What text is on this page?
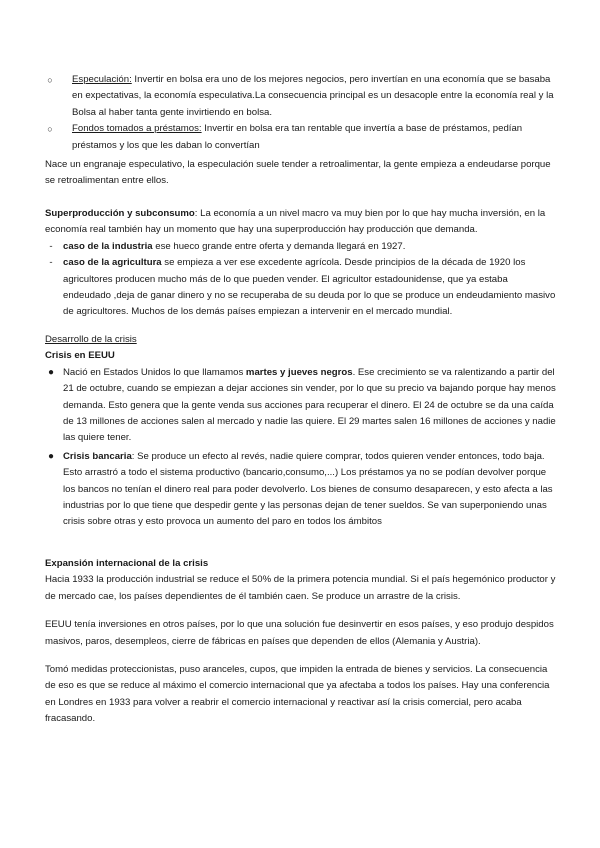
○	Especulación: Invertir en bolsa era uno de los mejores negocios, pero invertían en una economía que se basaba en expectativas, la economía especulativa.La consecuencia principal es un desacople entre la economía real y la Bolsa al haber tanta gente invirtiendo en bolsa.
○	Fondos tomados a préstamos: Invertir en bolsa era tan rentable que invertía a base de préstamos, pedían préstamos y los que les daban lo convertían

Nace un engranaje especulativo, la especulación suele tender a retroalimentar, la gente empieza a endeudarse porque se retroalimentan entre ellos.

Superproducción y subconsumo: La economía a un nivel macro va muy bien por lo que hay mucha inversión, en la economía real también hay un momento que hay una superproducción hay producción que demanda.
-	caso de la industria ese hueco grande entre oferta y demanda llegará en 1927.
-	caso de la agricultura se empieza a ver ese excedente agrícola. Desde principios de la década de 1920 los agricultores producen mucho más de lo que pueden vender. El agricultor estadounidense, que ya estaba endeudado ,deja de ganar dinero y no se recuperaba de su deuda por lo que se produce un endeudamiento masivo de agricultores. Muchos de los demás países empiezan a intervenir en el mercado mundial.
Desarrollo de la crisis
Crisis en EEUU
● Nació en Estados Unidos lo que llamamos martes y jueves negros. Ese crecimiento se va ralentizando a partir del 21 de octubre, cuando se empiezan a dejar acciones sin vender, por lo que su precio va bajando porque hay menos demanda. Esto genera que la gente venda sus acciones para recuperar el dinero. El 24 de octubre se da una caída de 13 millones de acciones salen al mercado y nadie las quiere. El 29 martes salen 16 millones de acciones y nadie las quiere tener.
● Crisis bancaria: Se produce un efecto al revés, nadie quiere comprar, todos quieren vender entonces, todo baja. Esto arrastró a todo el sistema productivo (bancario,consumo,...) Los préstamos ya no se podían devolver porque los bancos no tenían el dinero real para poder devolverlo. Los bienes de consumo desaparecen, y esto afecta a las industrias por lo que tiene que despedir gente y las personas dejan de tener sueldos. Se van superponiendo unas crisis sobre otras y esto provoca un aumento del paro en todos los ámbitos
Expansión internacional de la crisis
Hacia 1933 la producción industrial se reduce el 50% de la primera potencia mundial. Si el país hegemónico productor y de mercado cae, los países dependientes de él también caen. Se produce un arrastre de la crisis.
EEUU tenía inversiones en otros países, por lo que una solución fue desinvertir en esos países, y eso produjo despidos masivos, paros, desempleos, cierre de fábricas en países que dependen de ellos (Alemania y Austria).
Tomó medidas proteccionistas, puso aranceles, cupos, que impiden la entrada de bienes y servicios. La consecuencia de eso es que se reduce al máximo el comercio internacional que ya afectaba a todos los países. Hay una conferencia en Londres en 1933 para volver a reabrir el comercio internacional y reactivar así la crisis comercial, pero acaba fracasando.
